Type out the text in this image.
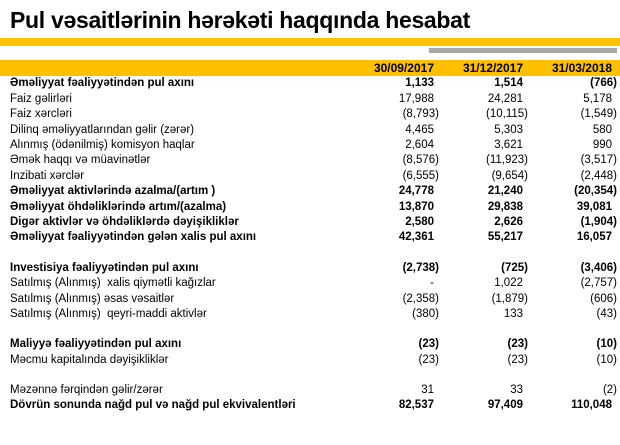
Pul vəsaitlərinin hərəkəti haqqında hesabat
30/09/2017	31/12/2017	31/03/2018
Əməliyyat fəaliyyətindən pul axını	1,133	1,514	(766)
Faiz gəlirləri	17,988	24,281	5,178
Faiz xərcləri	(8,793)	(10,115)	(1,549)
Dilinq əməliyyatlarından gəlir (zərər)	4,465	5,303	580
Alınmış (ödənilmiş) komisyon haqlar	2,604	3,621	990
Əmək haqqı və müavinətlər	(8,576)	(11,923)	(3,517)
İnzibati xərclər	(6,555)	(9,654)	(2,448)
Əməliyyat aktivlərində azalma/(artım )	24,778	21,240	(20,354)
Əməliyyat öhdəliklərində artım/(azalma)	13,870	29,838	39,081
Digər aktivlər və öhdəliklərdə dəyişikliklər	2,580	2,626	(1,904)
Əməliyyat fəaliyyətindən gələn xalis pul axını	42,361	55,217	16,057
İnvestisiya fəaliyyətindən pul axını	(2,738)	(725)	(3,406)
Satılmış (Alınmış)  xalis qiymətli kağızlar	-	1,022	(2,757)
Satılmış (Alınmış) əsas vəsaitlər	(2,358)	(1,879)	(606)
Satılmış (Alınmış)  qeyri-maddi aktivlər	(380)	133	(43)
Maliyyə fəaliyyətindən pul axını	(23)	(23)	(10)
Məcmu kapitalında dəyişikliklər	(23)	(23)	(10)
Məzənnə fərqindən gəlir/zərər	31	33	(2)
Dövrün sonunda nağd pul və nağd pul ekvivalentləri	82,537	97,409	110,048
